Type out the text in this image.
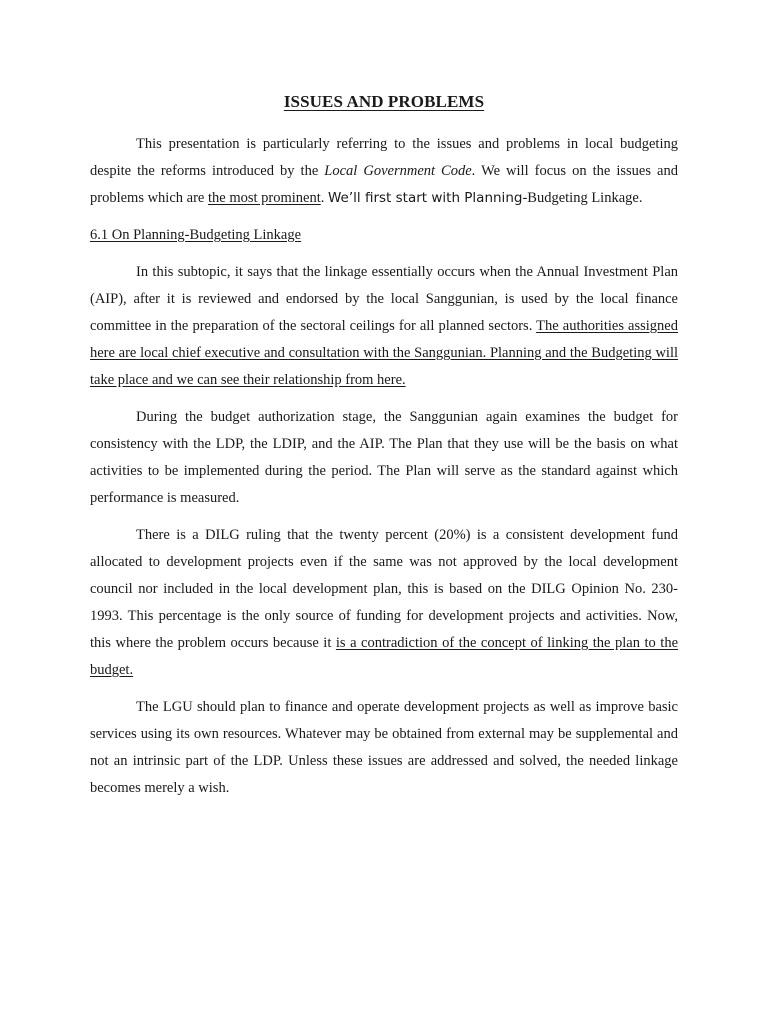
ISSUES AND PROBLEMS

This presentation is particularly referring to the issues and problems in local budgeting despite the reforms introduced by the Local Government Code. We will focus on the issues and problems which are the most prominent. We’ll first start with Planning-Budgeting Linkage.

6.1 On Planning-Budgeting Linkage

In this subtopic, it says that the linkage essentially occurs when the Annual Investment Plan (AIP), after it is reviewed and endorsed by the local Sanggunian, is used by the local finance committee in the preparation of the sectoral ceilings for all planned sectors. The authorities assigned here are local chief executive and consultation with the Sanggunian. Planning and the Budgeting will take place and we can see their relationship from here.

During the budget authorization stage, the Sanggunian again examines the budget for consistency with the LDP, the LDIP, and the AIP. The Plan that they use will be the basis on what activities to be implemented during the period. The Plan will serve as the standard against which performance is measured.

There is a DILG ruling that the twenty percent (20%) is a consistent development fund allocated to development projects even if the same was not approved by the local development council nor included in the local development plan, this is based on the DILG Opinion No. 230-1993. This percentage is the only source of funding for development projects and activities. Now, this where the problem occurs because it is a contradiction of the concept of linking the plan to the budget.

The LGU should plan to finance and operate development projects as well as improve basic services using its own resources. Whatever may be obtained from external may be supplemental and not an intrinsic part of the LDP. Unless these issues are addressed and solved, the needed linkage becomes merely a wish.
